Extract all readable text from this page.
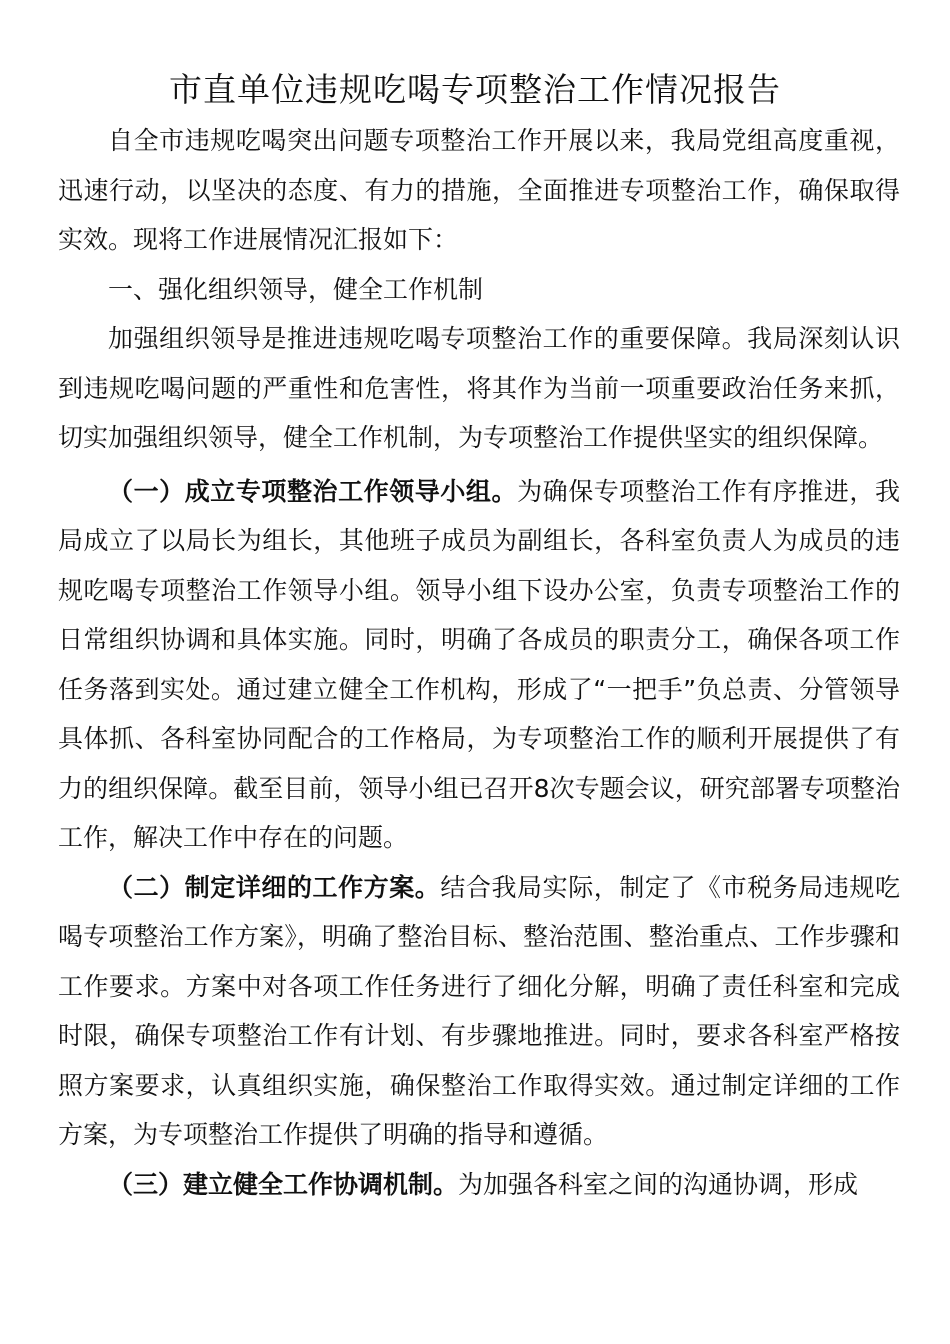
市直单位违规吃喝专项整治工作情况报告

自全市违规吃喝突出问题专项整治工作开展以来，我局党组高度重视，迅速行动，以坚决的态度、有力的措施，全面推进专项整治工作，确保取得实效。现将工作进展情况汇报如下：

一、强化组织领导，健全工作机制

加强组织领导是推进违规吃喝专项整治工作的重要保障。我局深刻认识到违规吃喝问题的严重性和危害性，将其作为当前一项重要政治任务来抓，切实加强组织领导，健全工作机制，为专项整治工作提供坚实的组织保障。

（一）成立专项整治工作领导小组。为确保专项整治工作有序推进，我局成立了以局长为组长，其他班子成员为副组长，各科室负责人为成员的违规吃喝专项整治工作领导小组。领导小组下设办公室，负责专项整治工作的日常组织协调和具体实施。同时，明确了各成员的职责分工，确保各项工作任务落到实处。通过建立健全工作机构，形成了“一把手”负总责、分管领导具体抓、各科室协同配合的工作格局，为专项整治工作的顺利开展提供了有力的组织保障。截至目前，领导小组已召开8次专题会议，研究部署专项整治工作，解决工作中存在的问题。

（二）制定详细的工作方案。结合我局实际，制定了《市税务局违规吃喝专项整治工作方案》，明确了整治目标、整治范围、整治重点、工作步骤和工作要求。方案中对各项工作任务进行了细化分解，明确了责任科室和完成时限，确保专项整治工作有计划、有步骤地推进。同时，要求各科室严格按照方案要求，认真组织实施，确保整治工作取得实效。通过制定详细的工作方案，为专项整治工作提供了明确的指导和遵循。

（三）建立健全工作协调机制。为加强各科室之间的沟通协调，形成
